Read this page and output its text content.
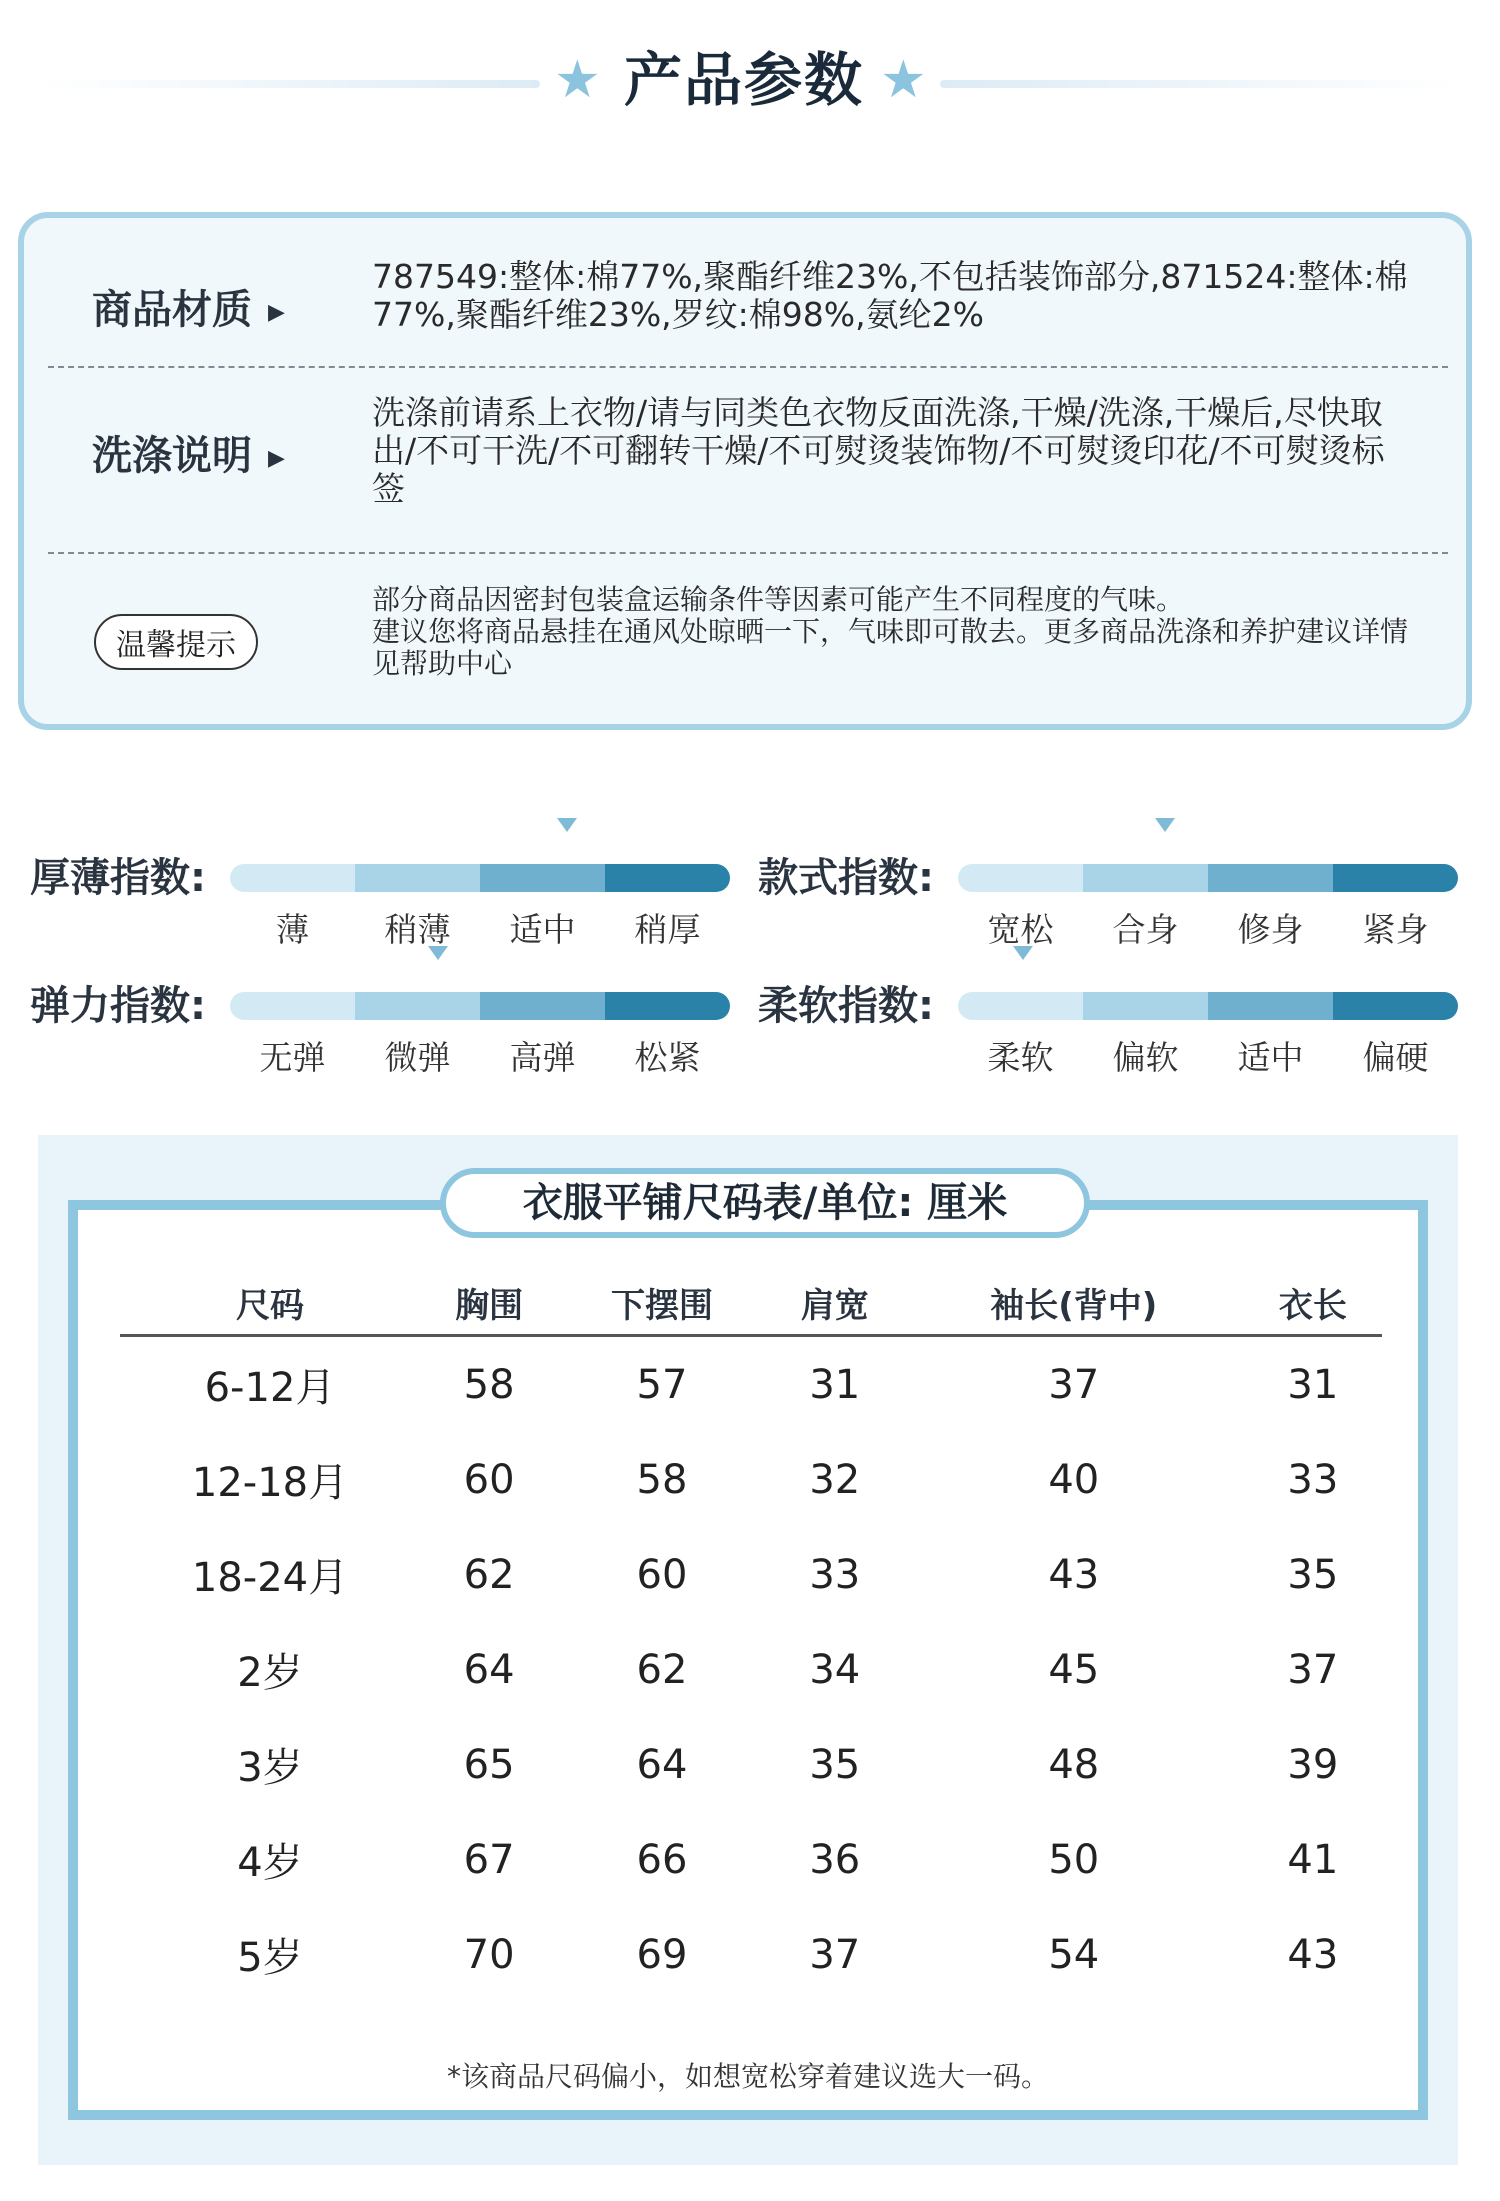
★ 产品参数 ★
商品材质 ▶
787549:整体:棉77%,聚酯纤维23%,不包括装饰部分,871524:整体:棉77%,聚酯纤维23%,罗纹:棉98%,氨纶2%
洗涤说明 ▶
洗涤前请系上衣物/请与同类色衣物反面洗涤,干燥/洗涤,干燥后,尽快取出/不可干洗/不可翻转干燥/不可熨烫装饰物/不可熨烫印花/不可熨烫标签
温馨提示
部分商品因密封包装盒运输条件等因素可能产生不同程度的气味。
建议您将商品悬挂在通风处晾晒一下，气味即可散去。更多商品洗涤和养护建议详情见帮助中心
厚薄指数:
薄	稍薄	适中	稍厚
款式指数:
宽松	合身	修身	紧身
弹力指数:
无弹	微弹	高弹	松紧
柔软指数:
柔软	偏软	适中	偏硬
衣服平铺尺码表/单位: 厘米
尺码	胸围	下摆围	肩宽	袖长(背中)	衣长
6-12月	58	57	31	37	31
12-18月	60	58	32	40	33
18-24月	62	60	33	43	35
2岁	64	62	34	45	37
3岁	65	64	35	48	39
4岁	67	66	36	50	41
5岁	70	69	37	54	43
*该商品尺码偏小，如想宽松穿着建议选大一码。
